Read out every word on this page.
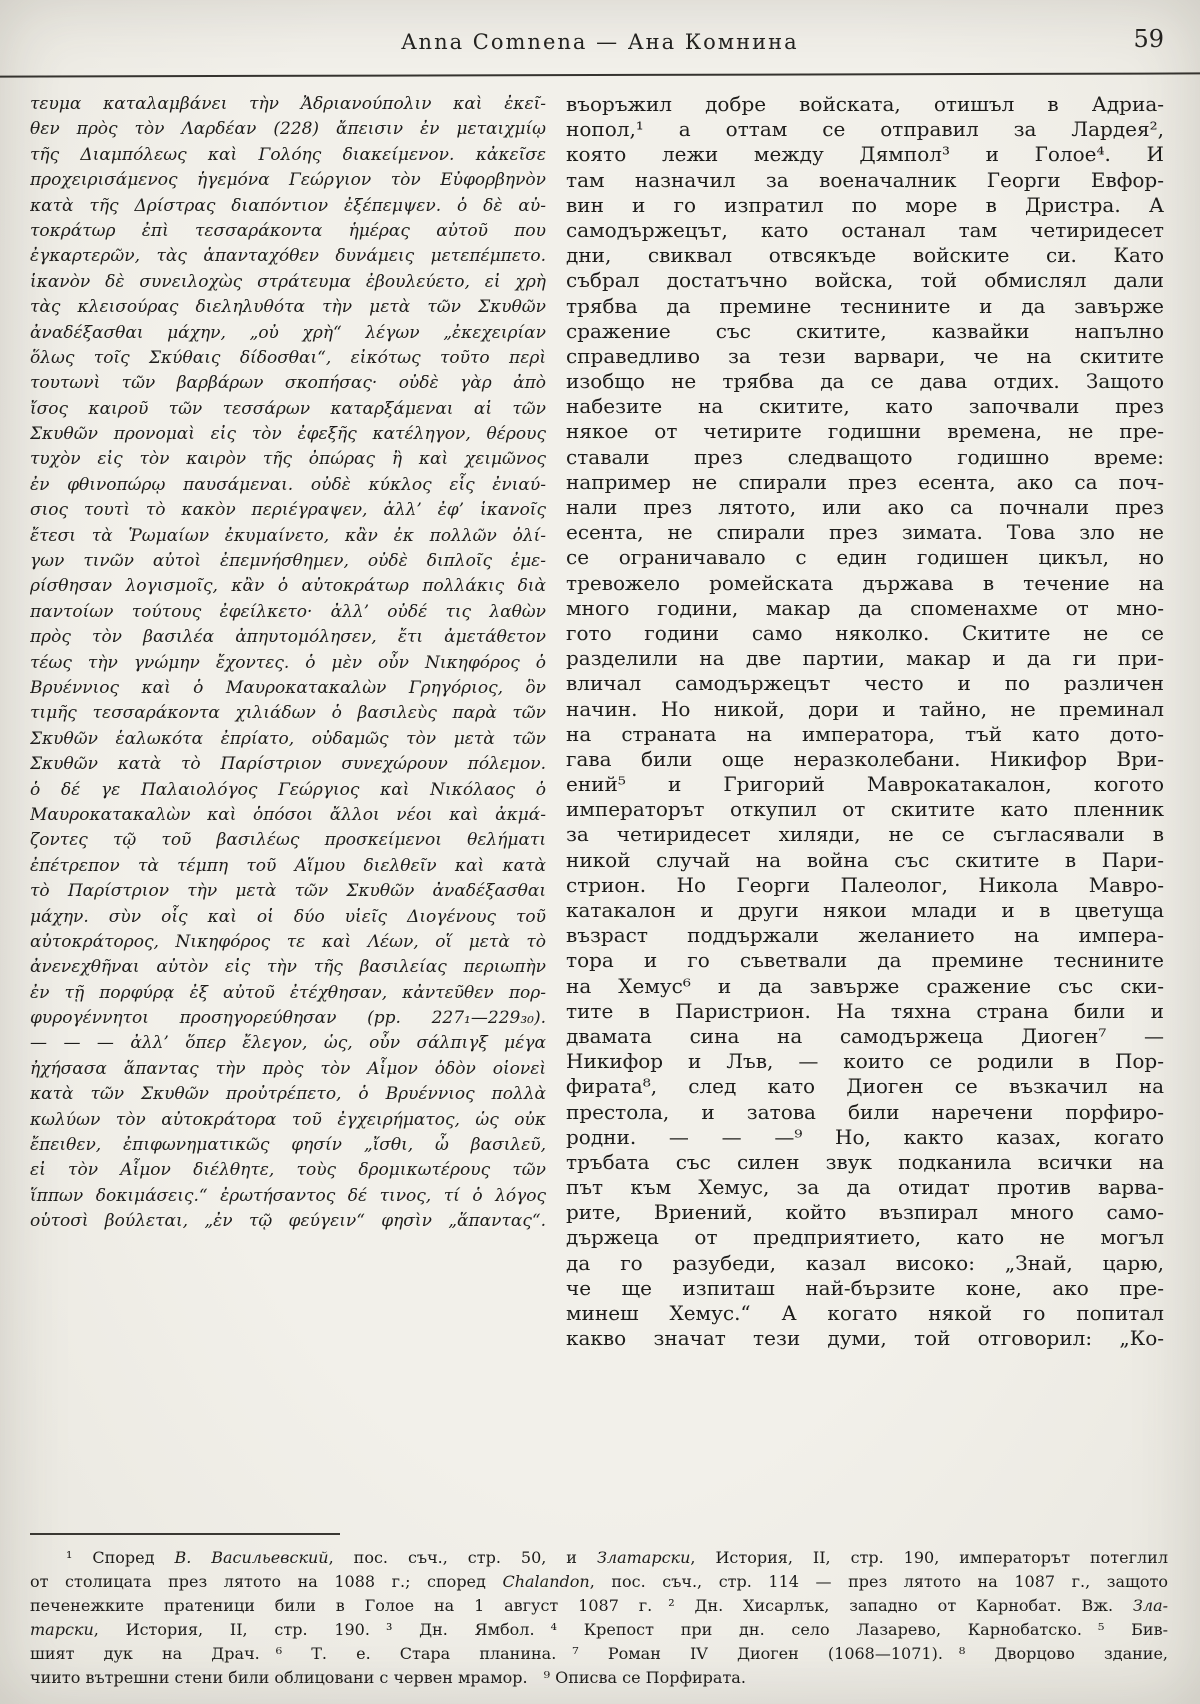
Anna Comnena — Ана Комнина	59
τευμα καταλαμβάνει τὴν Ἀδριανούπολιν καὶ ἐκεῖ-
θεν πρὸς τὸν Λαρδέαν (228) ἄπεισιν ἐν μεταιχμίῳ
τῆς Διαμπόλεως καὶ Γολόης διακείμενον. κἀκεῖσε
προχειρισάμενος ἡγεμόνα Γεώργιον τὸν Εὐφορβηνὸν
κατὰ τῆς Δρίστρας διαπόντιον ἐξέπεμψεν. ὁ δὲ αὐ-
τοκράτωρ ἐπὶ τεσσαράκοντα ἡμέρας αὐτοῦ που
ἐγκαρτερῶν, τὰς ἁπανταχόθεν δυνάμεις μετεπέμπετο.
ἱκανὸν δὲ συνειλοχὼς στράτευμα ἐβουλεύετο, εἰ χρὴ
τὰς κλεισούρας διεληλυθότα τὴν μετὰ τῶν Σκυθῶν
ἀναδέξασθαι μάχην, „οὐ χρὴ“ λέγων „ἐκεχειρίαν
ὅλως τοῖς Σκύθαις δίδοσθαι“, εἰκότως τοῦτο περὶ
τουτωνὶ τῶν βαρβάρων σκοπήσας· οὐδὲ γὰρ ἀπὸ
ἴσος καιροῦ τῶν τεσσάρων καταρξάμεναι αἱ τῶν
Σκυθῶν προνομαὶ εἰς τὸν ἐφεξῆς κατέληγον, θέρους
τυχὸν εἰς τὸν καιρὸν τῆς ὀπώρας ἢ καὶ χειμῶνος
ἐν φθινοπώρῳ παυσάμεναι. οὐδὲ κύκλος εἷς ἐνιαύ-
σιος τουτὶ τὸ κακὸν περιέγραψεν, ἀλλ’ ἐφ’ ἱκανοῖς
ἔτεσι τὰ Ῥωμαίων ἐκυμαίνετο, κἂν ἐκ πολλῶν ὀλί-
γων τινῶν αὐτοὶ ἐπεμνήσθημεν, οὐδὲ διπλοῖς ἐμε-
ρίσθησαν λογισμοῖς, κἂν ὁ αὐτοκράτωρ πολλάκις διὰ
παντοίων τούτους ἐφείλκετο· ἀλλ’ οὐδέ τις λαθὼν
πρὸς τὸν βασιλέα ἀπηυτομόλησεν, ἔτι ἀμετάθετον
τέως τὴν γνώμην ἔχοντες. ὁ μὲν οὖν Νικηφόρος ὁ
Βρυέννιος καὶ ὁ Μαυροκατακαλὼν Γρηγόριος, ὃν
τιμῆς τεσσαράκοντα χιλιάδων ὁ βασιλεὺς παρὰ τῶν
Σκυθῶν ἑαλωκότα ἐπρίατο, οὐδαμῶς τὸν μετὰ τῶν
Σκυθῶν κατὰ τὸ Παρίστριον συνεχώρουν πόλεμον.
ὁ δέ γε Παλαιολόγος Γεώργιος καὶ Νικόλαος ὁ
Μαυροκατακαλὼν καὶ ὁπόσοι ἄλλοι νέοι καὶ ἀκμά-
ζοντες τῷ τοῦ βασιλέως προσκείμενοι θελήματι
ἐπέτρεπον τὰ τέμπη τοῦ Αἵμου διελθεῖν καὶ κατὰ
τὸ Παρίστριον τὴν μετὰ τῶν Σκυθῶν ἀναδέξασθαι
μάχην. σὺν οἷς καὶ οἱ δύο υἱεῖς Διογένους τοῦ
αὐτοκράτορος, Νικηφόρος τε καὶ Λέων, οἵ μετὰ τὸ
ἀνενεχθῆναι αὐτὸν εἰς τὴν τῆς βασιλείας περιωπὴν
ἐν τῇ πορφύρᾳ ἐξ αὐτοῦ ἐτέχθησαν, κἀντεῦθεν πορ-
φυρογέννητοι προσηγορεύθησαν (pp. 227₁—229₃₀).
— — — ἀλλ’ ὅπερ ἔλεγον, ὡς, οὖν σάλπιγξ μέγα
ἠχήσασα ἅπαντας τὴν πρὸς τὸν Αἷμον ὁδὸν οἱονεὶ
κατὰ τῶν Σκυθῶν προὐτρέπετο, ὁ Βρυέννιος πολλὰ
κωλύων τὸν αὐτοκράτορα τοῦ ἐγχειρήματος, ὡς οὐκ
ἔπειθεν, ἐπιφωνηματικῶς φησίν „ἴσθι, ὦ βασιλεῦ,
εἰ τὸν Αἷμον διέλθητε, τοὺς δρομικωτέρους τῶν
ἵππων δοκιμάσεις.“ ἐρωτήσαντος δέ τινος, τί ὁ λόγος
οὑτοσὶ βούλεται, „ἐν τῷ φεύγειν“ φησὶν „ἅπαντας“.
въоръжил добре войската, отишъл в Адриа-
нопол,¹ а оттам се отправил за Лардея²,
която лежи между Дямпол³ и Голое⁴. И
там назначил за военачалник Георги Евфор-
вин и го изпратил по море в Дристра. А
самодържецът, като останал там четиридесет
дни, свиквал отвсякъде войските си. Като
събрал достатъчно войска, той обмислял дали
трябва да премине теснините и да завърже
сражение със скитите, казвайки напълно
справедливо за тези варвари, че на скитите
изобщо не трябва да се дава отдих. Защото
набезите на скитите, като започвали през
някое от четирите годишни времена, не пре-
ставали през следващото годишно време:
например не спирали през есента, ако са поч-
нали през лятото, или ако са почнали през
есента, не спирали през зимата. Това зло не
се ограничавало с един годишен цикъл, но
тревожело ромейската държава в течение на
много години, макар да споменахме от мно-
гото години само няколко. Скитите не се
разделили на две партии, макар и да ги при-
вличал самодържецът често и по различен
начин. Но никой, дори и тайно, не преминал
на страната на императора, тъй като дото-
гава били още неразколебани. Никифор Ври-
ений⁵ и Григорий Маврокатакалон, когото
императорът откупил от скитите като пленник
за четиридесет хиляди, не се съгласявали в
никой случай на война със скитите в Пари-
стрион. Но Георги Палеолог, Никола Мавро-
катакалон и други някои млади и в цветуща
възраст поддържали желанието на импера-
тора и го съветвали да премине теснините
на Хемус⁶ и да завърже сражение със ски-
тите в Паристрион. На тяхна страна били и
двамата сина на самодържеца Диоген⁷ —
Никифор и Лъв, — които се родили в Пор-
фирата⁸, след като Диоген се възкачил на
престола, и затова били наречени порфиро-
родни. — — —⁹ Но, както казах, когато
тръбата със силен звук подканила всички на
път към Хемус, за да отидат против варва-
рите, Вриений, който възпирал много само-
държеца от предприятието, като не могъл
да го разубеди, казал високо: „Знай, царю,
че ще изпиташ най-бързите коне, ако пре-
минеш Хемус.“ А когато някой го попитал
какво значат тези думи, той отговорил: „Ко-
¹ Според В. Васильевский, пос. съч., стр. 50, и Златарски, История, II, стр. 190, императорът потеглил
от столицата през лятото на 1088 г.; според Chalandon, пос. съч., стр. 114 — през лятото на 1087 г., защото
печенежките пратеници били в Голое на 1 август 1087 г. ² Дн. Хисарлък, западно от Карнобат. Вж. Зла-
тарски, История, II, стр. 190. ³ Дн. Ямбол. ⁴ Крепост при дн. село Лазарево, Карнобатско. ⁵ Бив-
шият дук на Драч. ⁶ Т. е. Стара планина. ⁷ Роман IV Диоген (1068—1071). ⁸ Дворцово здание,
чиито вътрешни стени били облицовани с червен мрамор. ⁹ Описва се Порфирата.
